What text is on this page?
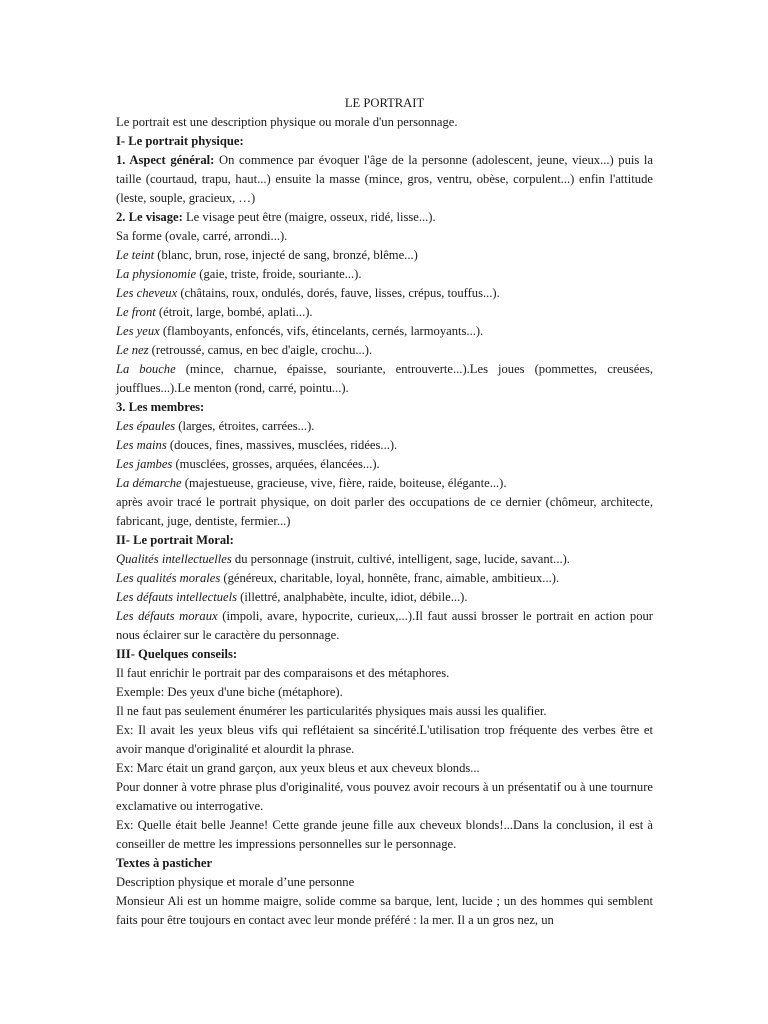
LE PORTRAIT

Le portrait est une description physique ou morale d'un personnage.

I- Le portrait physique:

1. Aspect général: On commence par évoquer l'âge de la personne (adolescent, jeune, vieux...) puis la taille (courtaud, trapu, haut...) ensuite la masse (mince, gros, ventru, obèse, corpulent...) enfin l'attitude (leste, souple, gracieux, …)

2. Le visage: Le visage peut être (maigre, osseux, ridé, lisse...).

Sa forme (ovale, carré, arrondi...).

Le teint (blanc, brun, rose, injecté de sang, bronzé, blême...)

La physionomie (gaie, triste, froide, souriante...).

Les cheveux (châtains, roux, ondulés, dorés, fauve, lisses, crépus, touffus...).

Le front (étroit, large, bombé, aplati...).

Les yeux (flamboyants, enfoncés, vifs, étincelants, cernés, larmoyants...).

Le nez (retroussé, camus, en bec d'aigle, crochu...).

La bouche (mince, charnue, épaisse, souriante, entrouverte...).Les joues (pommettes, creusées, joufflues...).Le menton (rond, carré, pointu...).

3. Les membres:

Les épaules (larges, étroites, carrées...).

Les mains (douces, fines, massives, musclées, ridées...).

Les jambes (musclées, grosses, arquées, élancées...).

La démarche (majestueuse, gracieuse, vive, fière, raide, boiteuse, élégante...).

après avoir tracé le portrait physique, on doit parler des occupations de ce dernier (chômeur, architecte, fabricant, juge, dentiste, fermier...)

II- Le portrait Moral:

Qualités intellectuelles du personnage (instruit, cultivé, intelligent, sage, lucide, savant...).

Les qualités morales (généreux, charitable, loyal, honnête, franc, aimable, ambitieux...).

Les défauts intellectuels (illettré, analphabète, inculte, idiot, débile...).

Les défauts moraux (impoli, avare, hypocrite, curieux,...).Il faut aussi brosser le portrait en action pour nous éclairer sur le caractère du personnage.

III- Quelques conseils:

Il faut enrichir le portrait par des comparaisons et des métaphores.

Exemple: Des yeux d'une biche (métaphore).

Il ne faut pas seulement énumérer les particularités physiques mais aussi les qualifier.

Ex: Il avait les yeux bleus vifs qui reflétaient sa sincérité.L'utilisation trop fréquente des verbes être et avoir manque d'originalité et alourdit la phrase.

Ex: Marc était un grand garçon, aux yeux bleus et aux cheveux blonds...

Pour donner à votre phrase plus d'originalité, vous pouvez avoir recours à un présentatif ou à une tournure exclamative ou interrogative.

Ex: Quelle était belle Jeanne! Cette grande jeune fille aux cheveux blonds!...Dans la conclusion, il est à conseiller de mettre les impressions personnelles sur le personnage.

Textes à pasticher

Description physique et morale d’une personne

Monsieur Ali est un homme maigre, solide comme sa barque, lent, lucide ; un des hommes qui semblent faits pour être toujours en contact avec leur monde préféré : la mer. Il a un gros nez, un
